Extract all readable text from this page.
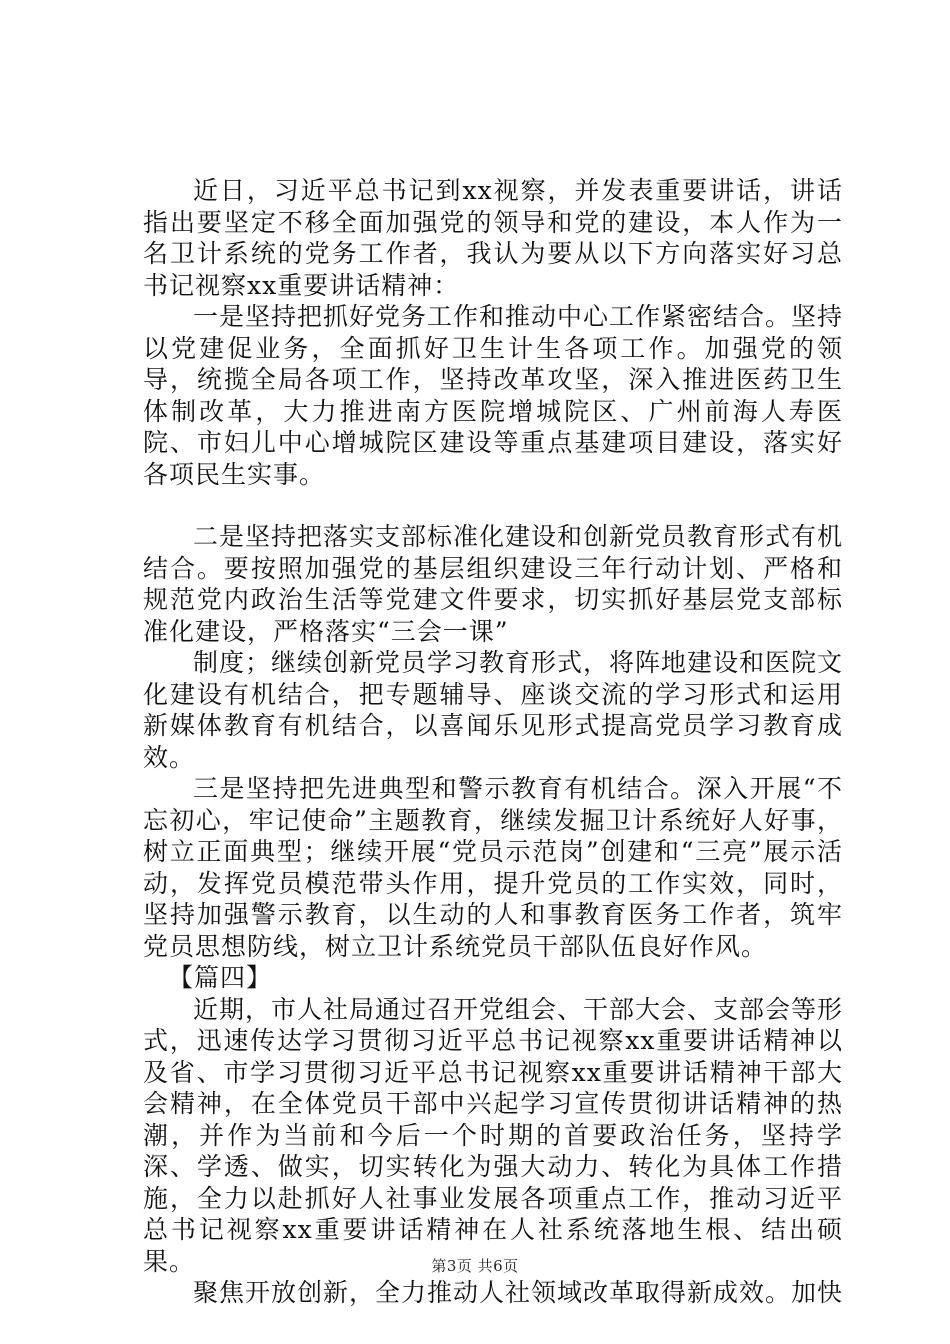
近日，习近平总书记到xx视察，并发表重要讲话，讲话指出要坚定不移全面加强党的领导和党的建设，本人作为一名卫计系统的党务工作者，我认为要从以下方向落实好习总书记视察xx重要讲话精神：

一是坚持把抓好党务工作和推动中心工作紧密结合。坚持以党建促业务，全面抓好卫生计生各项工作。加强党的领导，统揽全局各项工作，坚持改革攻坚，深入推进医药卫生体制改革，大力推进南方医院增城院区、广州前海人寿医院、市妇儿中心增城院区建设等重点基建项目建设，落实好各项民生实事。

二是坚持把落实支部标准化建设和创新党员教育形式有机结合。要按照加强党的基层组织建设三年行动计划、严格和规范党内政治生活等党建文件要求，切实抓好基层党支部标准化建设，严格落实“三会一课”

制度；继续创新党员学习教育形式，将阵地建设和医院文化建设有机结合，把专题辅导、座谈交流的学习形式和运用新媒体教育有机结合，以喜闻乐见形式提高党员学习教育成效。

三是坚持把先进典型和警示教育有机结合。深入开展“不忘初心，牢记使命”主题教育，继续发掘卫计系统好人好事，树立正面典型；继续开展“党员示范岗”创建和“三亮”展示活动，发挥党员模范带头作用，提升党员的工作实效，同时，坚持加强警示教育，以生动的人和事教育医务工作者，筑牢党员思想防线，树立卫计系统党员干部队伍良好作风。

【篇四】

近期，市人社局通过召开党组会、干部大会、支部会等形式，迅速传达学习贯彻习近平总书记视察xx重要讲话精神以及省、市学习贯彻习近平总书记视察xx重要讲话精神干部大会精神，在全体党员干部中兴起学习宣传贯彻讲话精神的热潮，并作为当前和今后一个时期的首要政治任务，坚持学深、学透、做实，切实转化为强大动力、转化为具体工作措施，全力以赴抓好人社事业发展各项重点工作，推动习近平总书记视察xx重要讲话精神在人社系统落地生根、结出硕果。

聚焦开放创新，全力推动人社领域改革取得新成效。加快

第3页 共6页
